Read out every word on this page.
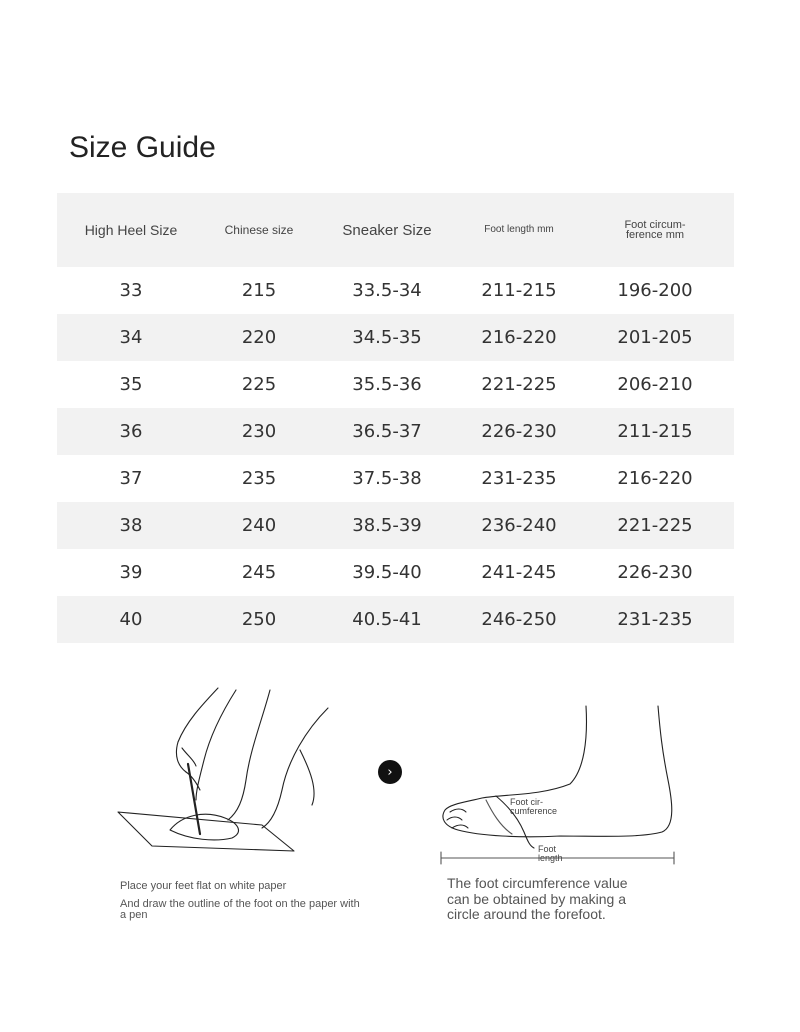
Size Guide
High Heel Size	Chinese size	Sneaker Size	Foot length mm	Foot circum-
ference mm
33	215	33.5-34	211-215	196-200
34	220	34.5-35	216-220	201-205
35	225	35.5-36	221-225	206-210
36	230	36.5-37	226-230	211-215
37	235	37.5-38	231-235	216-220
38	240	38.5-39	236-240	221-225
39	245	39.5-40	241-245	226-230
40	250	40.5-41	246-250	231-235
Foot cir-
cumference
Foot
length
›
Place your feet flat on white paper
And draw the outline of the foot on the paper with a pen
The foot circumference value can be obtained by making a circle around the forefoot.
